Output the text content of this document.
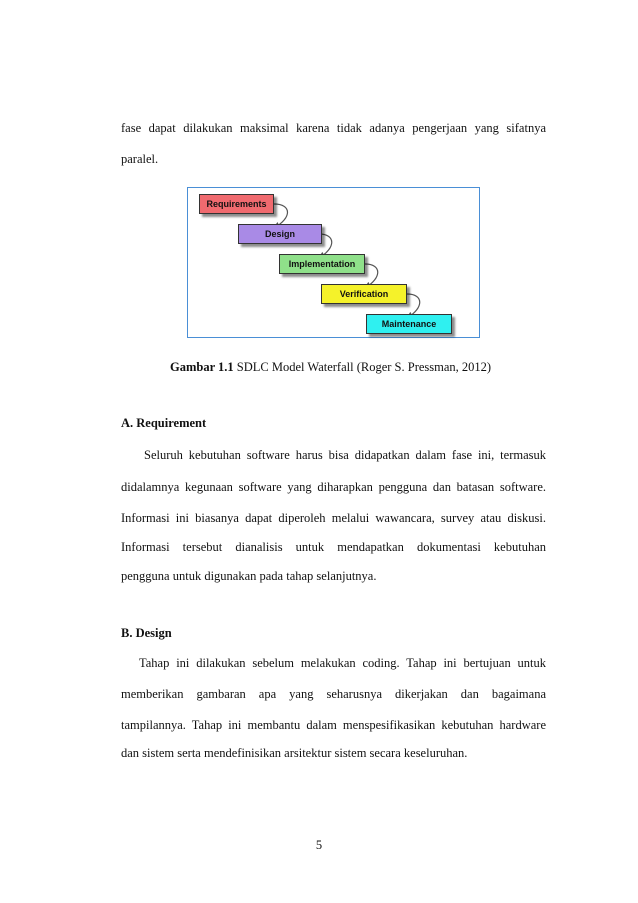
fase dapat dilakukan maksimal karena tidak adanya pengerjaan yang sifatnya

paralel.

Requirements
Design
Implementation
Verification
Maintenance
Gambar 1.1 SDLC Model Waterfall (Roger S. Pressman, 2012)

A. Requirement

Seluruh kebutuhan software harus bisa didapatkan dalam fase ini, termasuk

didalamnya kegunaan software yang diharapkan pengguna dan batasan software.

Informasi ini biasanya dapat diperoleh melalui wawancara, survey atau diskusi.

Informasi tersebut dianalisis untuk mendapatkan dokumentasi kebutuhan

pengguna untuk digunakan pada tahap selanjutnya.

B. Design

Tahap ini dilakukan sebelum melakukan coding. Tahap ini bertujuan untuk

memberikan gambaran apa yang seharusnya dikerjakan dan bagaimana

tampilannya. Tahap ini membantu dalam menspesifikasikan kebutuhan hardware

dan sistem serta mendefinisikan arsitektur sistem secara keseluruhan.

5
